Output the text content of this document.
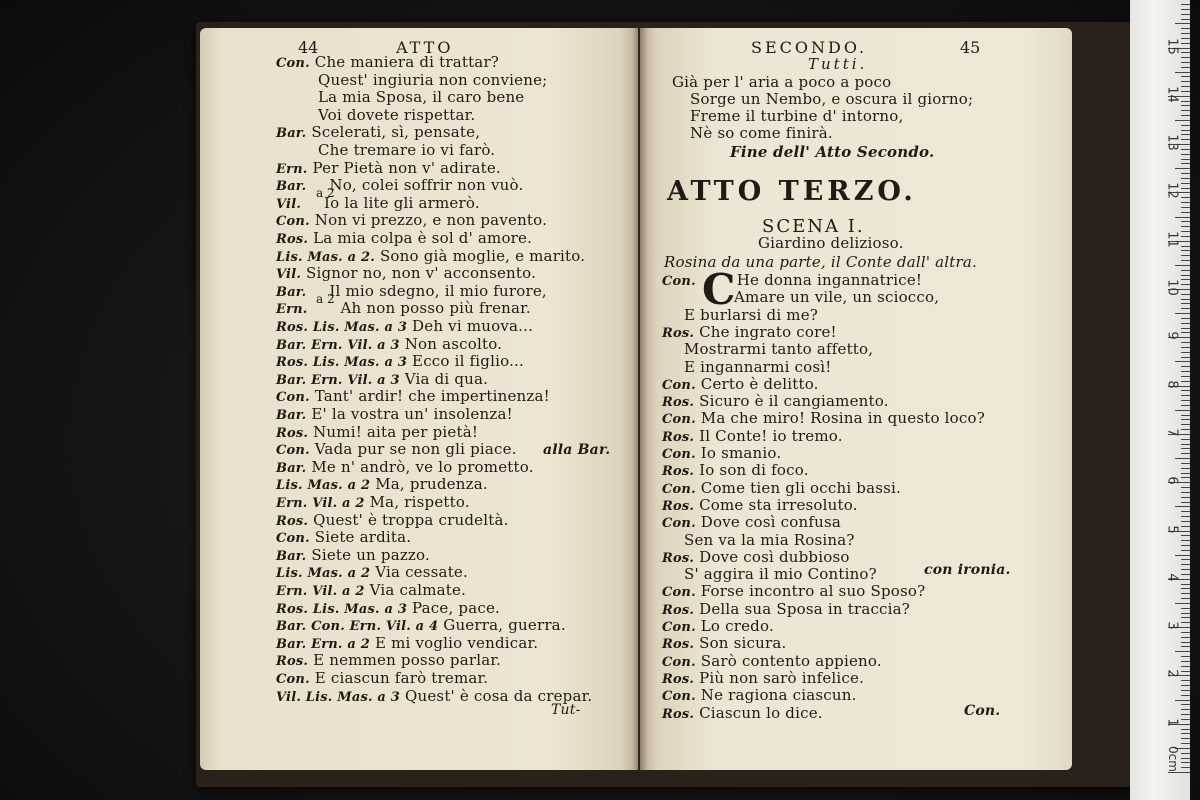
44	ATTO
Con. Che maniera di trattar?
Quest' ingiuria non conviene;
La mia Sposa, il caro bene
Voi dovete rispettar.
Bar. Scelerati, sì, pensate,
Che tremare io vi farò.
Ern. Per Pietà non v' adirate.
Bar. No, colei soffrir non vuò.
Vil. Io la lite gli armerò.
Con. Non vi prezzo, e non pavento.
Ros. La mia colpa è sol d' amore.
Lis. Mas. a 2. Sono già moglie, e marito.
Vil. Signor no, non v' acconsento.
Bar. Il mio sdegno, il mio furore,
Ern. Ah non posso più frenar.
Ros. Lis. Mas. a 3 Deh vi muova...
Bar. Ern. Vil. a 3 Non ascolto.
Ros. Lis. Mas. a 3 Ecco il figlio...
Bar. Ern. Vil. a 3 Via di qua.
Con. Tant' ardir! che impertinenza!
Bar. E' la vostra un' insolenza!
Ros. Numi! aita per pietà!
Con. Vada pur se non gli piace.
Bar. Me n' andrò, ve lo prometto.
Lis. Mas. a 2 Ma, prudenza.
Ern. Vil. a 2 Ma, rispetto.
Ros. Quest' è troppa crudeltà.
Con. Siete ardita.
Bar. Siete un pazzo.
Lis. Mas. a 2 Via cessate.
Ern. Vil. a 2 Via calmate.
Ros. Lis. Mas. a 3 Pace, pace.
Bar. Con. Ern. Vil. a 4 Guerra, guerra.
Bar. Ern. a 2 E mi voglio vendicar.
Ros. E nemmen posso parlar.
Con. E ciascun farò tremar.
Vil. Lis. Mas. a 3 Quest' è cosa da crepar.
a 2
a 2
alla Bar.
Tut-
SECONDO.	45
Tutti.
Già per l' aria a poco a poco
Sorge un Nembo, e oscura il giorno;
Freme il turbine d' intorno,
Nè so come finirà.
Fine dell' Atto Secondo.
ATTO TERZO.
SCENA I.
Giardino delizioso.
Rosina da una parte, il Conte dall' altra.
C
Con.	He donna ingannatrice!
Amare un vile, un sciocco,
E burlarsi di me?
Ros. Che ingrato core!
Mostrarmi tanto affetto,
E ingannarmi così!
Con. Certo è delitto.
Ros. Sicuro è il cangiamento.
Con. Ma che miro! Rosina in questo loco?
Ros. Il Conte! io tremo.
Con. Io smanio.
Ros. Io son di foco.
Con. Come tien gli occhi bassi.
Ros. Come sta irresoluto.
Con. Dove così confusa
Sen va la mia Rosina?
Ros. Dove così dubbioso
S' aggira il mio Contino?
Con. Forse incontro al suo Sposo?
Ros. Della sua Sposa in traccia?
Con. Lo credo.
Ros. Son sicura.
Con. Sarò contento appieno.
Ros. Più non sarò infelice.
Con. Ne ragiona ciascun.
Ros. Ciascun lo dice.
con ironia.
Con.
1
2
3
4
5
6
7
8
9
10
11
12
13
14
15
0cm
